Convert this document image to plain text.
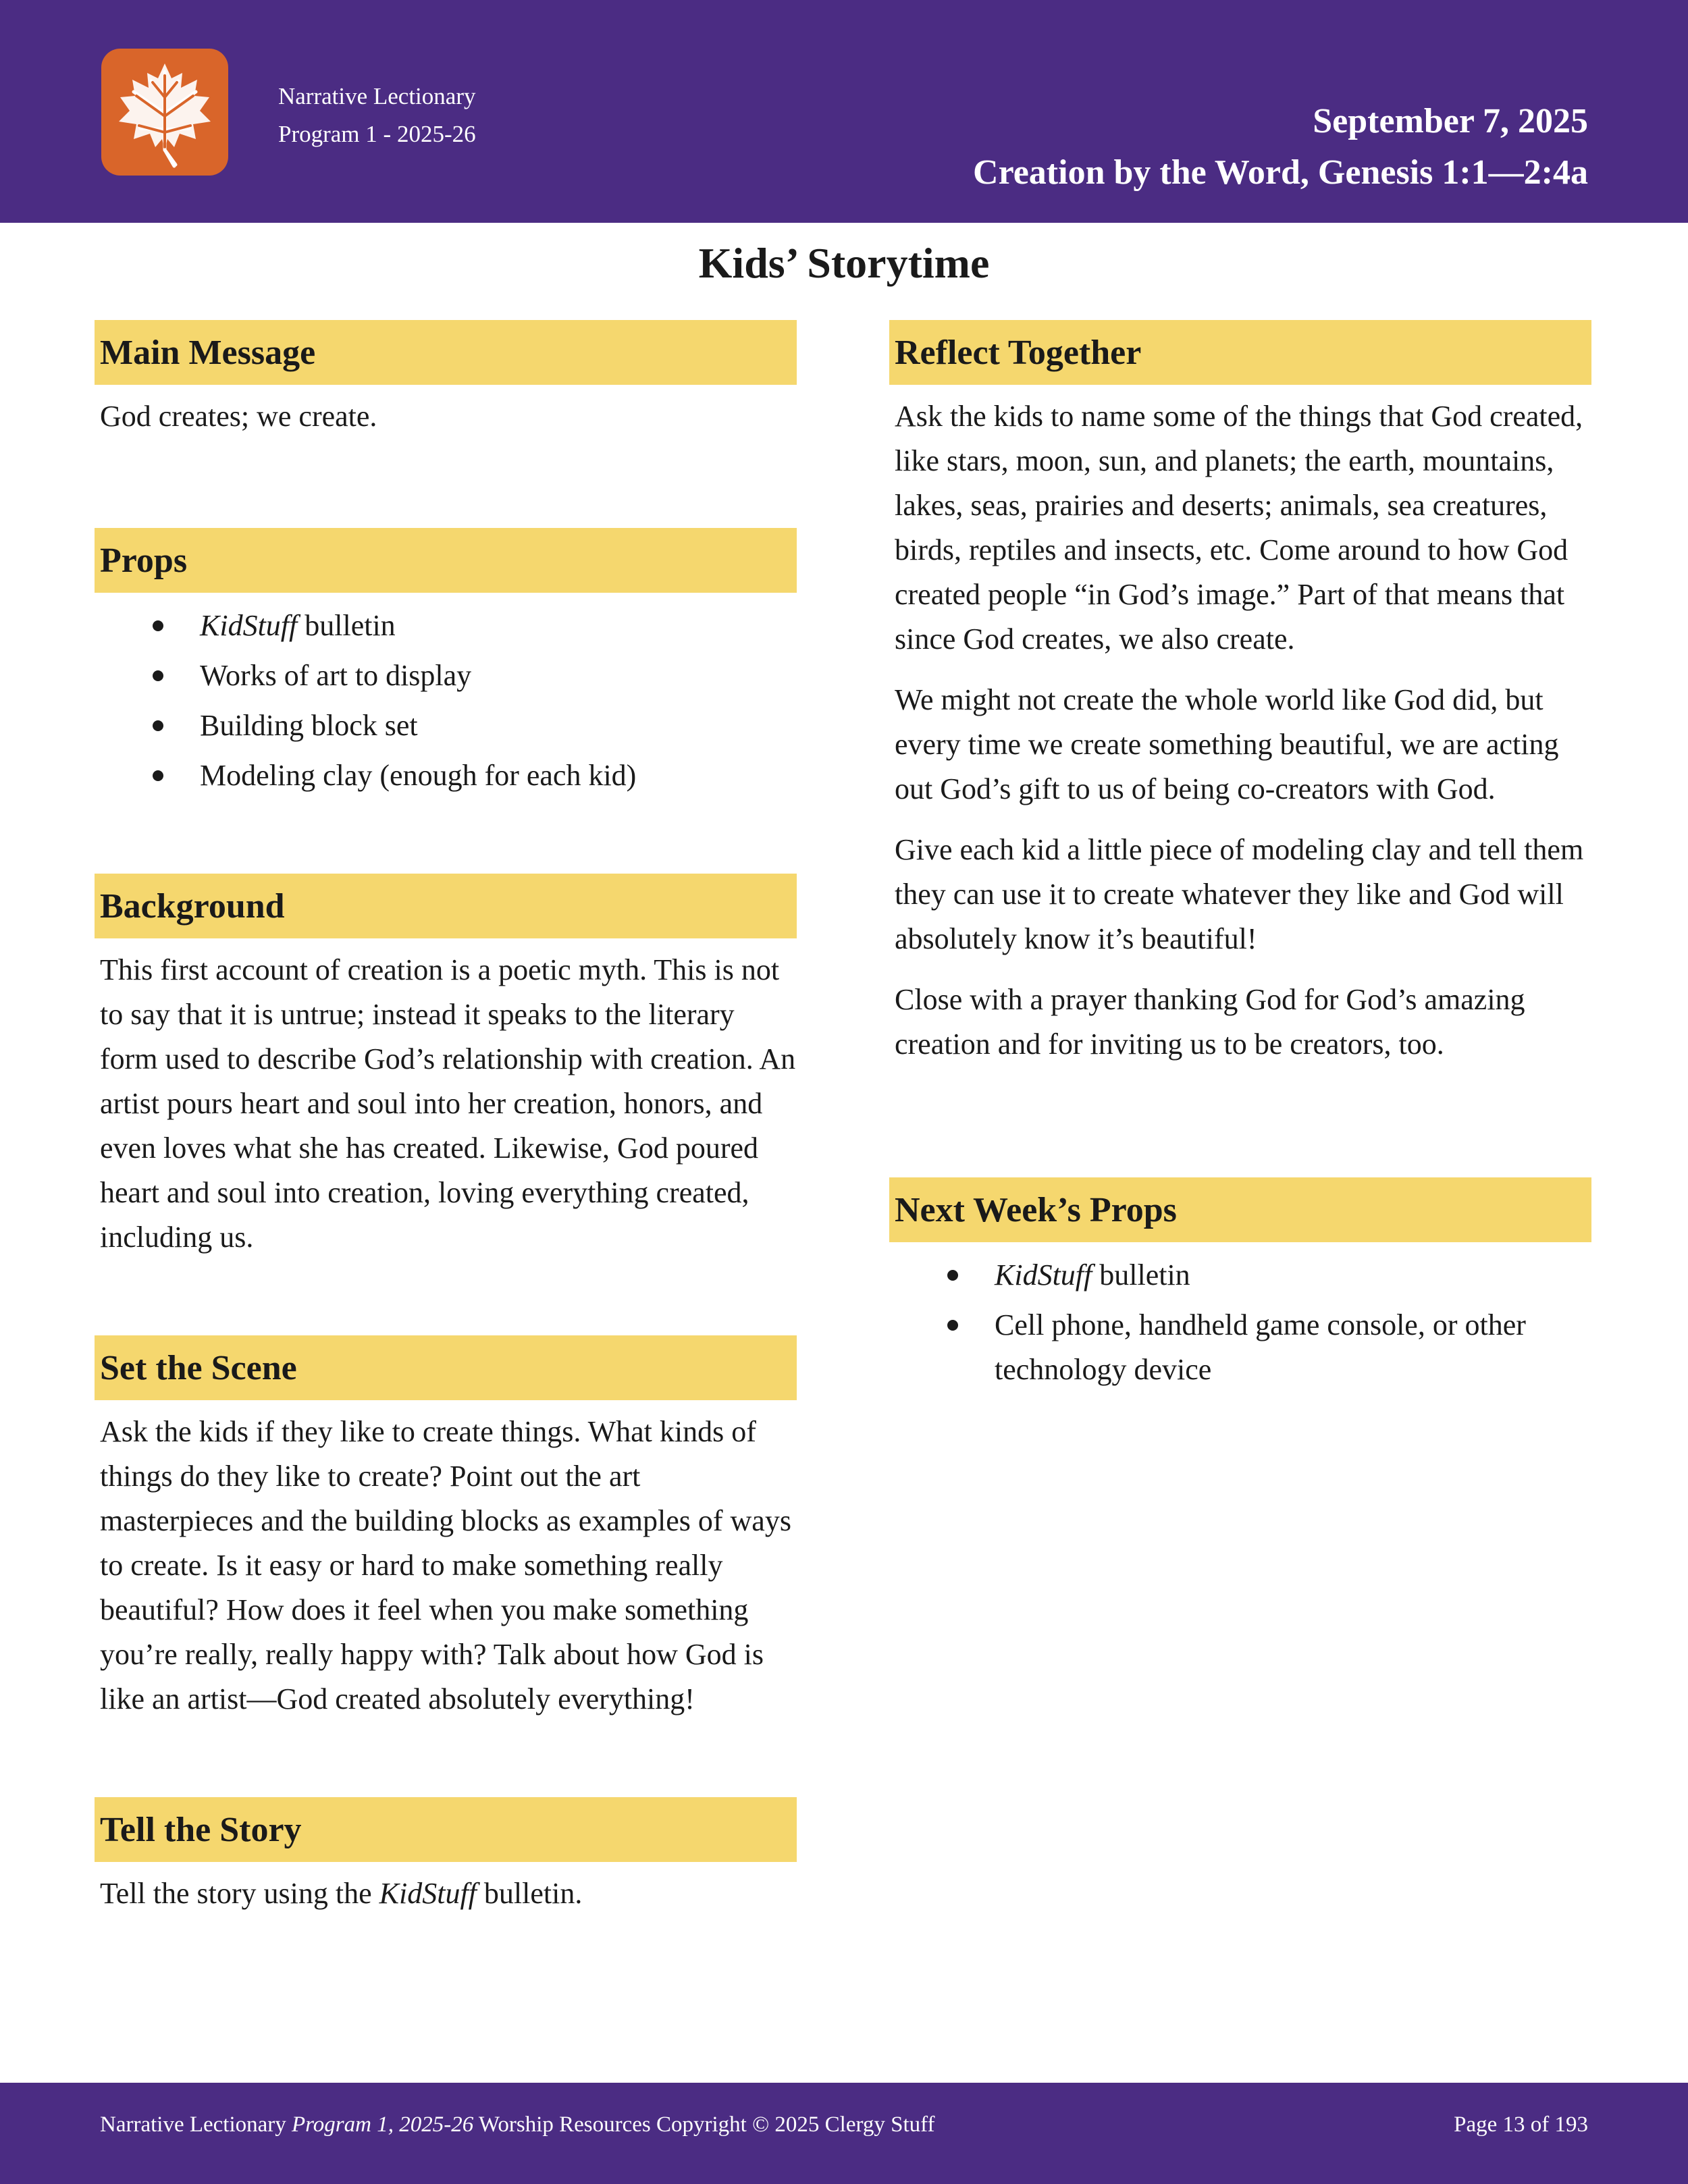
Narrative Lectionary
Program 1 - 2025-26	September 7, 2025
Creation by the Word, Genesis 1:1—2:4a
Kids’ Storytime
Main Message

God creates; we create.

Props
KidStuff bulletin
Works of art to display
Building block set
Modeling clay (enough for each kid)
Background

This first account of creation is a poetic myth. This is not to say that it is untrue; instead it speaks to the literary form used to describe God’s relationship with creation. An artist pours heart and soul into her creation, honors, and even loves what she has created. Likewise, God poured heart and soul into creation, loving everything created, including us.

Set the Scene

Ask the kids if they like to create things. What kinds of things do they like to create? Point out the art masterpieces and the building blocks as examples of ways to create. Is it easy or hard to make something really beautiful? How does it feel when you make something you’re really, really happy with? Talk about how God is like an artist—God created absolutely everything!

Tell the Story

Tell the story using the KidStuff bulletin.

Reflect Together

Ask the kids to name some of the things that God created, like stars, moon, sun, and planets; the earth, mountains, lakes, seas, prairies and deserts; animals, sea creatures, birds, reptiles and insects, etc. Come around to how God created people “in God’s image.” Part of that means that since God creates, we also create.

We might not create the whole world like God did, but every time we create something beautiful, we are acting out God’s gift to us of being co-creators with God.

Give each kid a little piece of modeling clay and tell them they can use it to create whatever they like and God will absolutely know it’s beautiful!

Close with a prayer thanking God for God’s amazing creation and for inviting us to be creators, too.

Next Week’s Props
KidStuff bulletin
Cell phone, handheld game console, or other technology device
Narrative Lectionary Program 1, 2025-26 Worship Resources Copyright © 2025 Clergy Stuff	Page 13 of 193
